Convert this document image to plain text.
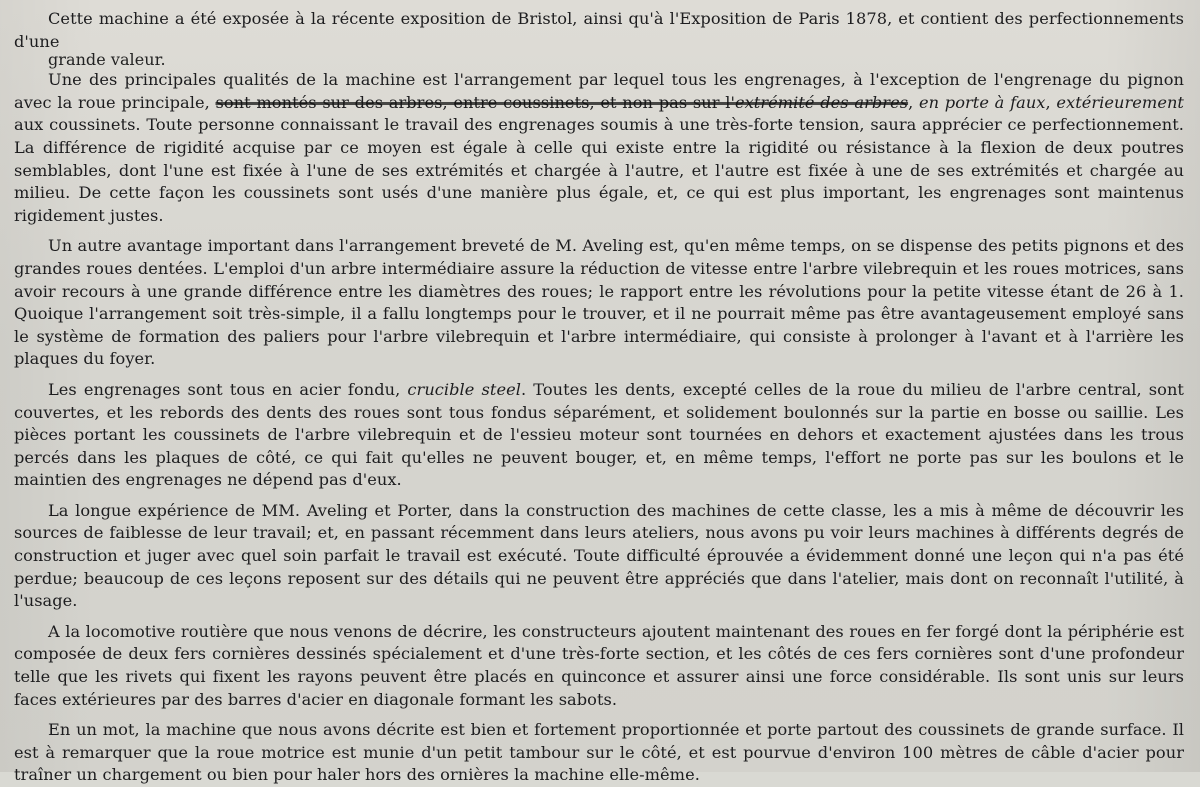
Cette machine a été exposée à la récente exposition de Bristol, ainsi qu'à l'Exposition de Paris 1878, et contient des perfectionnements d'une
grande valeur.

Une des principales qualités de la machine est l'arrangement par lequel tous les engrenages, à l'exception de l'engrenage du pignon avec la roue principale, sont montés sur des arbres, entre coussinets, et non pas sur l'extrémité des arbres, en porte à faux, extérieurement aux coussinets. Toute personne connaissant le travail des engrenages soumis à une très-forte tension, saura apprécier ce perfectionnement. La différence de rigidité acquise par ce moyen est égale à celle qui existe entre la rigidité ou résistance à la flexion de deux poutres semblables, dont l'une est fixée à l'une de ses extrémités et chargée à l'autre, et l'autre est fixée à une de ses extrémités et chargée au milieu. De cette façon les coussinets sont usés d'une manière plus égale, et, ce qui est plus important, les engrenages sont maintenus rigidement justes.

Un autre avantage important dans l'arrangement breveté de M. Aveling est, qu'en même temps, on se dispense des petits pignons et des grandes roues dentées. L'emploi d'un arbre intermédiaire assure la réduction de vitesse entre l'arbre vilebrequin et les roues motrices, sans avoir recours à une grande différence entre les diamètres des roues; le rapport entre les révolutions pour la petite vitesse étant de 26 à 1. Quoique l'arrangement soit très-simple, il a fallu longtemps pour le trouver, et il ne pourrait même pas être avantageusement employé sans le système de formation des paliers pour l'arbre vilebrequin et l'arbre intermédiaire, qui consiste à prolonger à l'avant et à l'arrière les plaques du foyer.

Les engrenages sont tous en acier fondu, crucible steel. Toutes les dents, excepté celles de la roue du milieu de l'arbre central, sont couvertes, et les rebords des dents des roues sont tous fondus séparément, et solidement boulonnés sur la partie en bosse ou saillie. Les pièces portant les coussinets de l'arbre vilebrequin et de l'essieu moteur sont tournées en dehors et exactement ajustées dans les trous percés dans les plaques de côté, ce qui fait qu'elles ne peuvent bouger, et, en même temps, l'effort ne porte pas sur les boulons et le maintien des engrenages ne dépend pas d'eux.

La longue expérience de MM. Aveling et Porter, dans la construction des machines de cette classe, les a mis à même de découvrir les sources de faiblesse de leur travail; et, en passant récemment dans leurs ateliers, nous avons pu voir leurs machines à différents degrés de construction et juger avec quel soin parfait le travail est exécuté. Toute difficulté éprouvée a évidemment donné une leçon qui n'a pas été perdue; beaucoup de ces leçons reposent sur des détails qui ne peuvent être appréciés que dans l'atelier, mais dont on reconnaît l'utilité, à l'usage.

A la locomotive routière que nous venons de décrire, les constructeurs ajoutent maintenant des roues en fer forgé dont la périphérie est composée de deux fers cornières dessinés spécialement et d'une très-forte section, et les côtés de ces fers cornières sont d'une profondeur telle que les rivets qui fixent les rayons peuvent être placés en quinconce et assurer ainsi une force considérable. Ils sont unis sur leurs faces extérieures par des barres d'acier en diagonale formant les sabots.

En un mot, la machine que nous avons décrite est bien et fortement proportionnée et porte partout des coussinets de grande surface. Il est à remarquer que la roue motrice est munie d'un petit tambour sur le côté, et est pourvue d'environ 100 mètres de câble d'acier pour traîner un chargement ou bien pour haler hors des ornières la machine elle-même.
